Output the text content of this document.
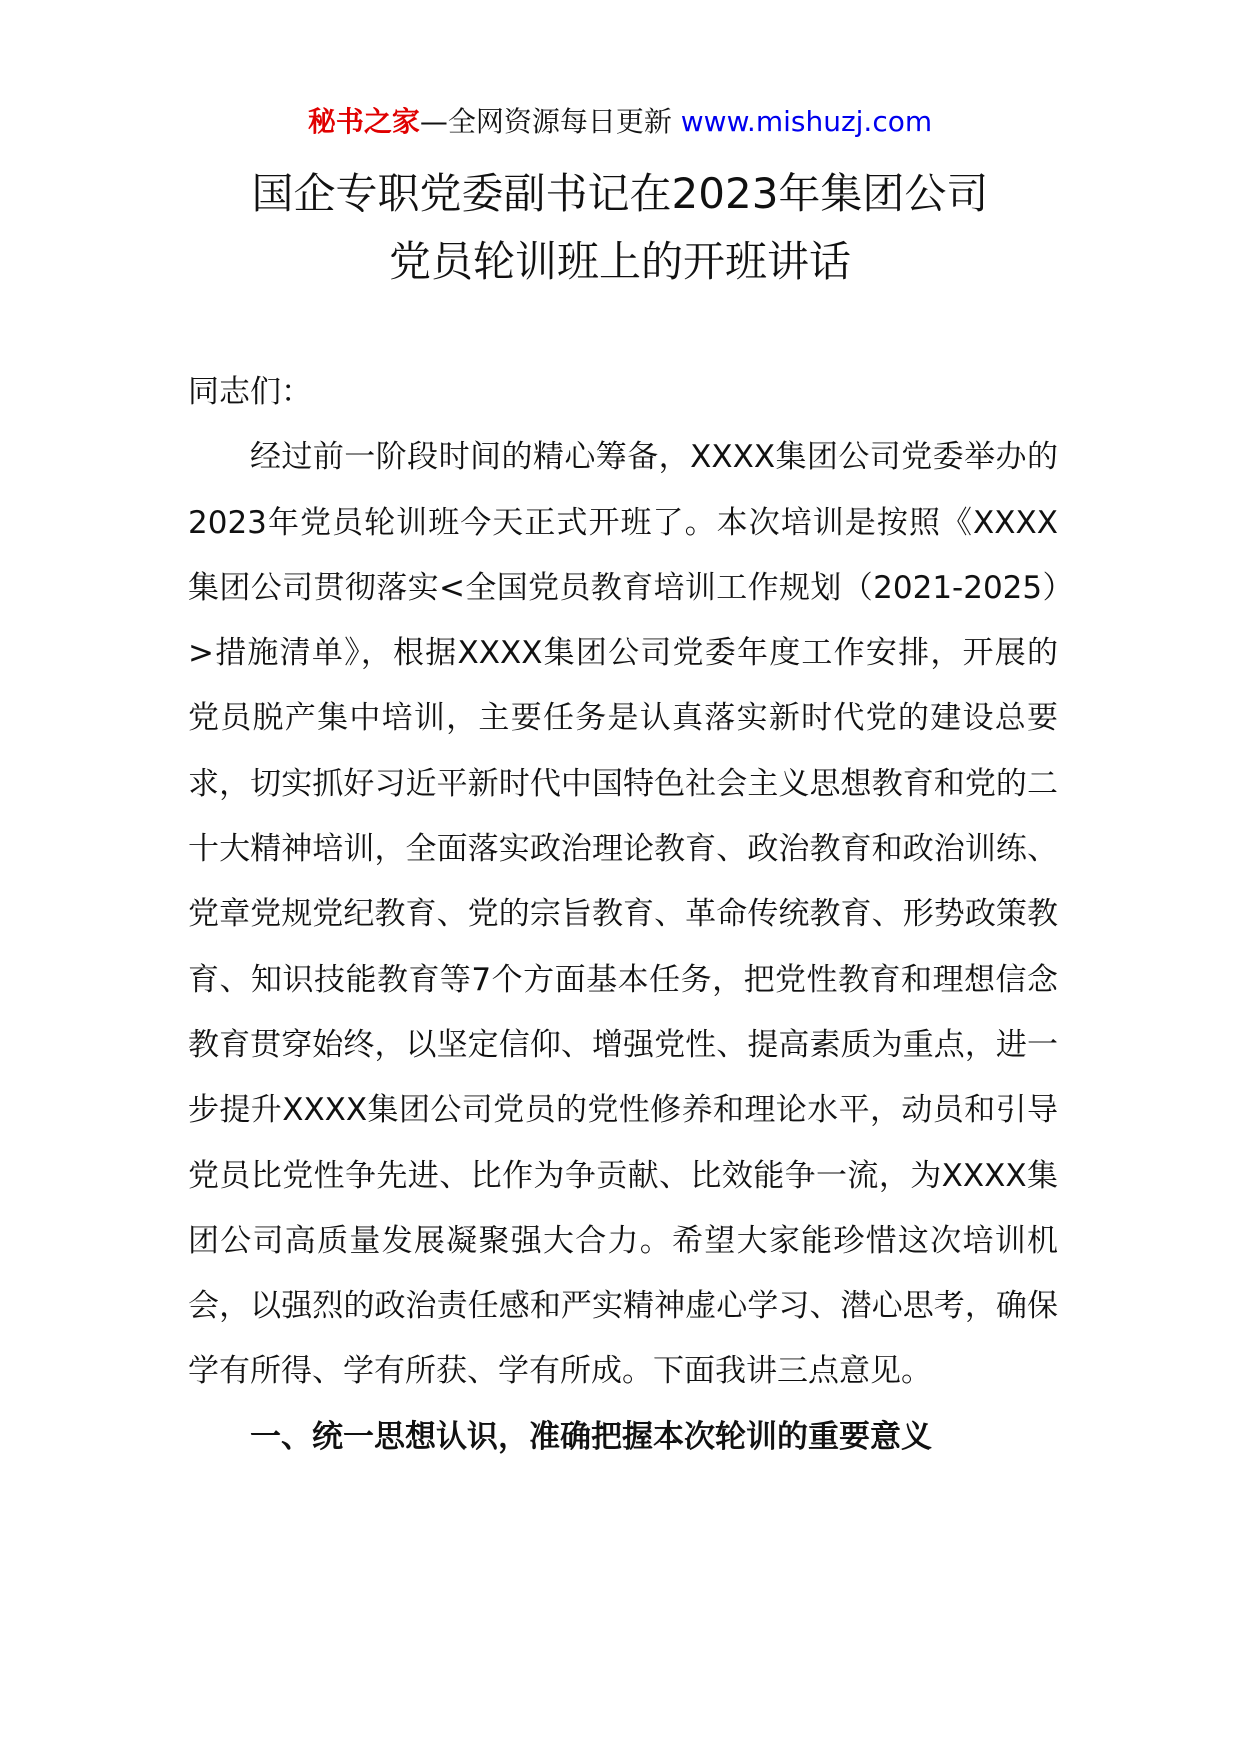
秘书之家—全网资源每日更新 www.mishuzj.com
国企专职党委副书记在2023年集团公司
党员轮训班上的开班讲话

同志们：

经过前一阶段时间的精心筹备，XXXX集团公司党委举办的2023年党员轮训班今天正式开班了。本次培训是按照《XXXX集团公司贯彻落实<全国党员教育培训工作规划（2021-2025）>措施清单》，根据XXXX集团公司党委年度工作安排，开展的党员脱产集中培训，主要任务是认真落实新时代党的建设总要求，切实抓好习近平新时代中国特色社会主义思想教育和党的二十大精神培训，全面落实政治理论教育、政治教育和政治训练、党章党规党纪教育、党的宗旨教育、革命传统教育、形势政策教育、知识技能教育等7个方面基本任务，把党性教育和理想信念教育贯穿始终，以坚定信仰、增强党性、提高素质为重点，进一步提升XXXX集团公司党员的党性修养和理论水平，动员和引导党员比党性争先进、比作为争贡献、比效能争一流，为XXXX集团公司高质量发展凝聚强大合力。希望大家能珍惜这次培训机会，以强烈的政治责任感和严实精神虚心学习、潜心思考，确保学有所得、学有所获、学有所成。下面我讲三点意见。

一、统一思想认识，准确把握本次轮训的重要意义
